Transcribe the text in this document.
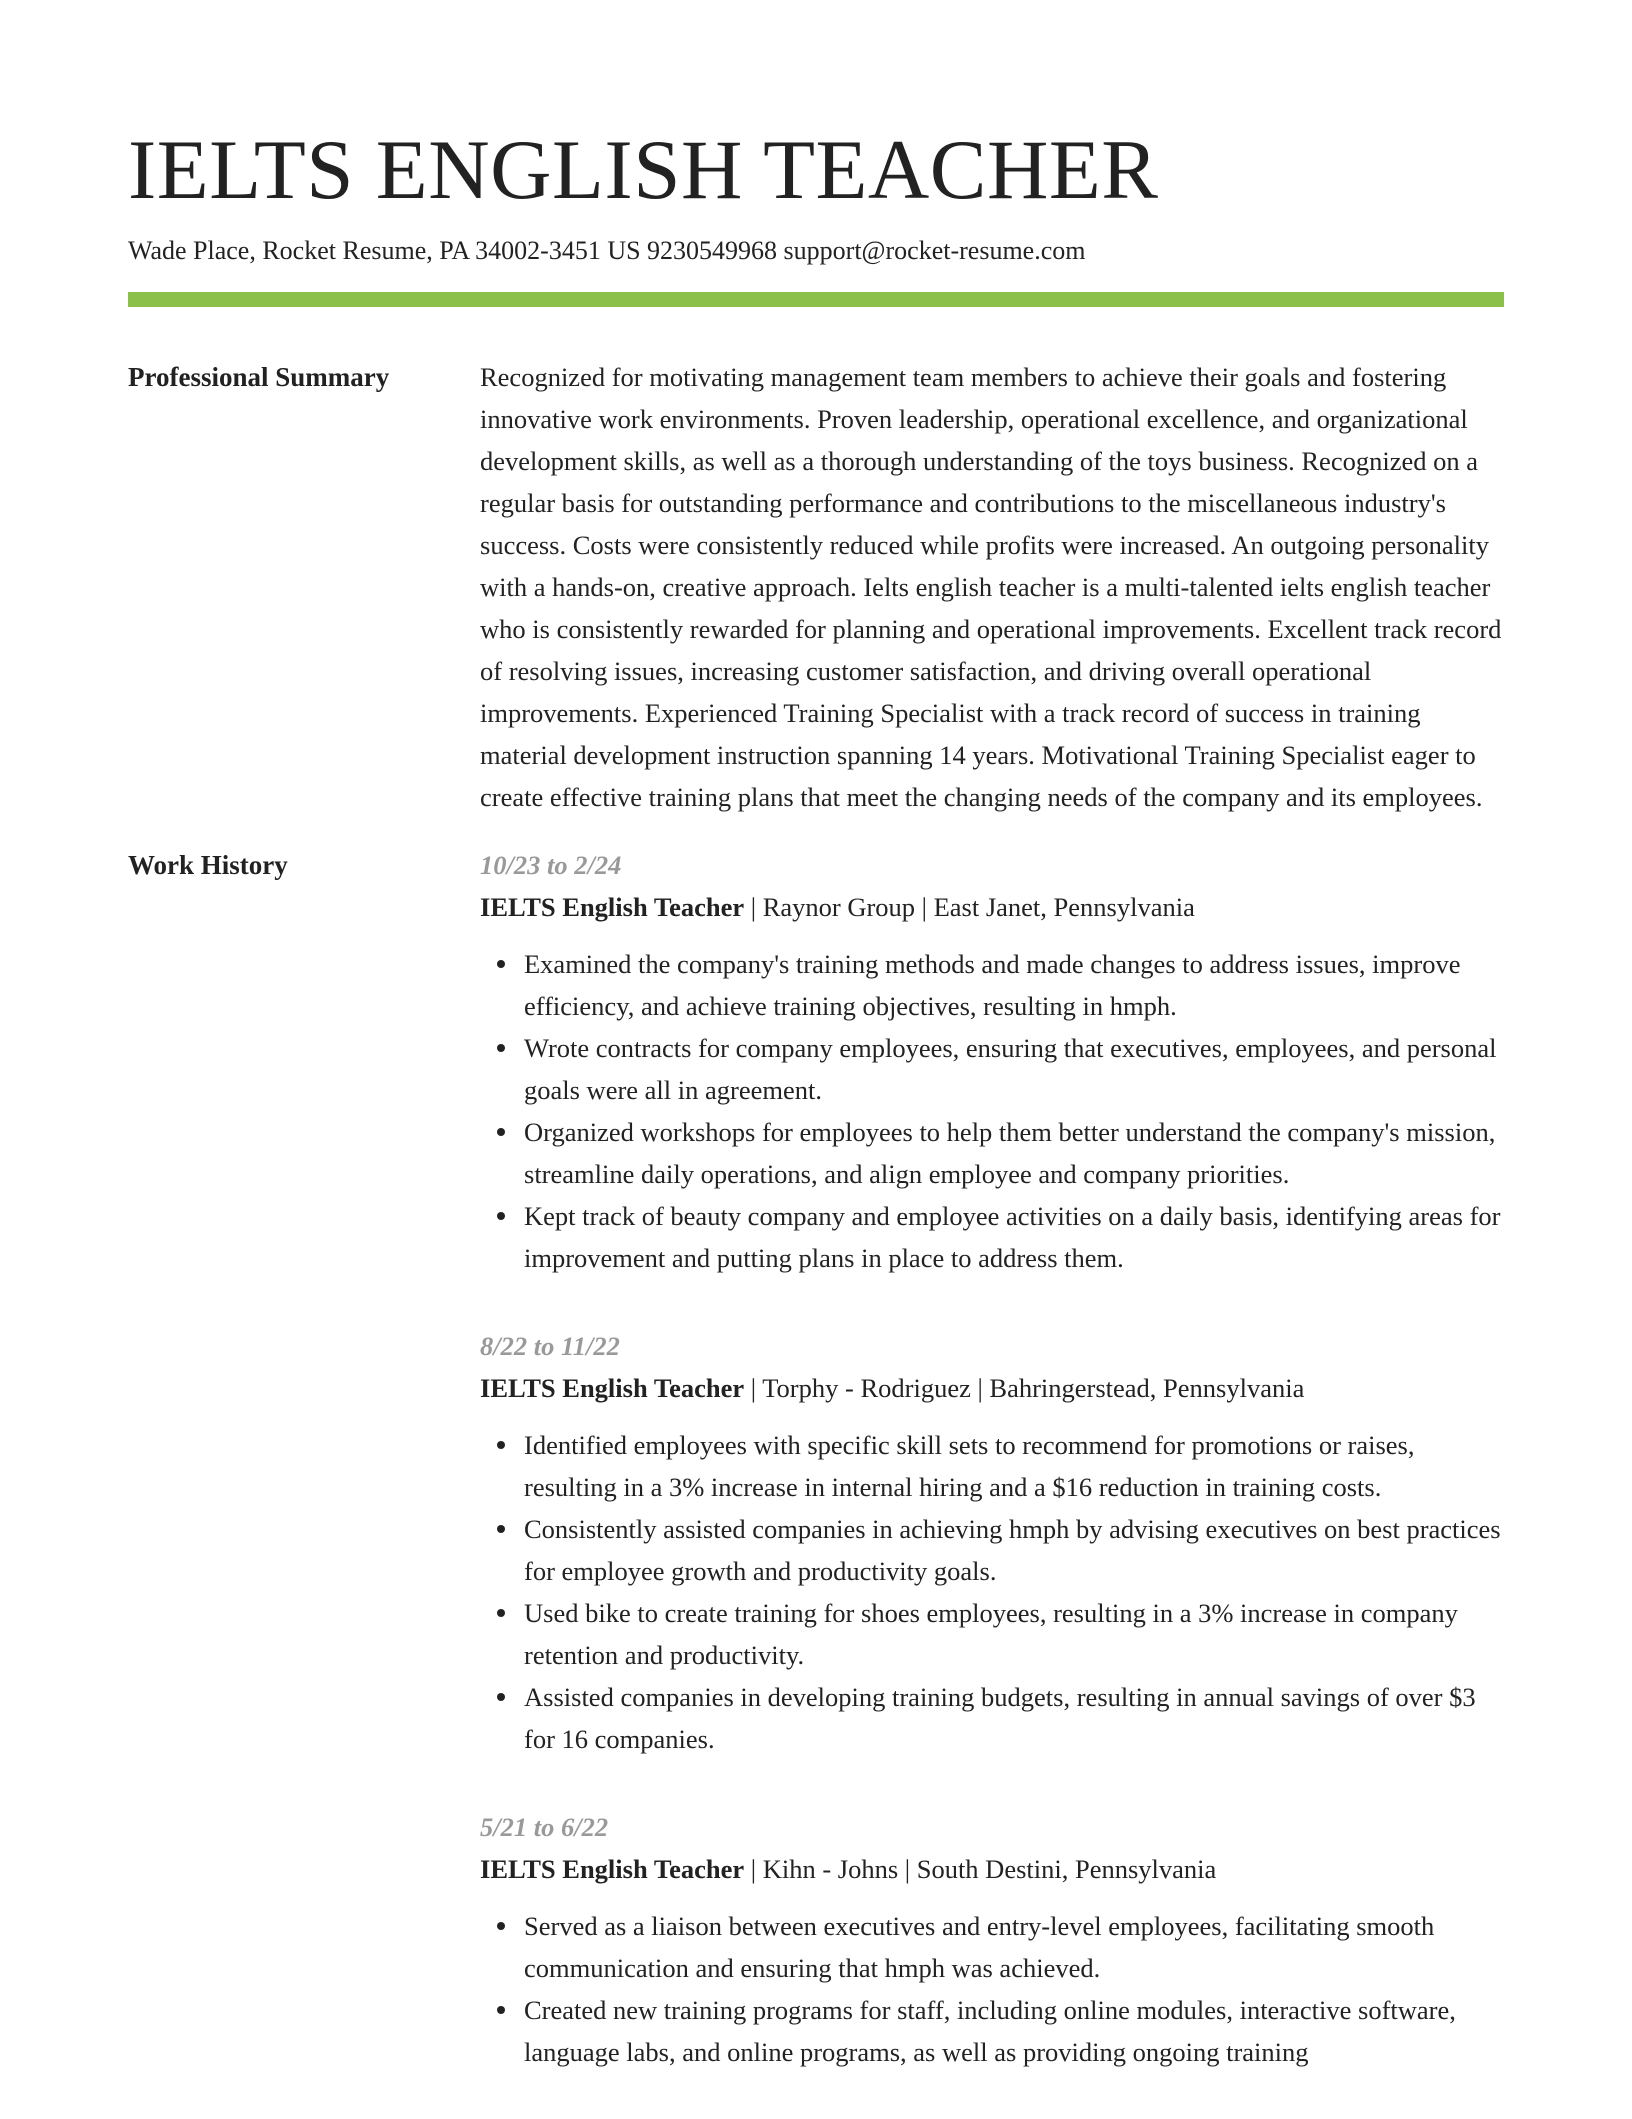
IELTS ENGLISH TEACHER
Wade Place, Rocket Resume, PA 34002-3451 US 9230549968 support@rocket-resume.com
Professional Summary	Recognized for motivating management team members to achieve their goals and fostering innovative work environments. Proven leadership, operational excellence, and organizational development skills, as well as a thorough understanding of the toys business. Recognized on a regular basis for outstanding performance and contributions to the miscellaneous industry's success. Costs were consistently reduced while profits were increased. An outgoing personality with a hands-on, creative approach. Ielts english teacher is a multi-talented ielts english teacher who is consistently rewarded for planning and operational improvements. Excellent track record of resolving issues, increasing customer satisfaction, and driving overall operational improvements. Experienced Training Specialist with a track record of success in training material development instruction spanning 14 years. Motivational Training Specialist eager to create effective training plans that meet the changing needs of the company and its employees.

Work History	10/23 to 2/24
IELTS English Teacher | Raynor Group | East Janet, Pennsylvania
Examined the company's training methods and made changes to address issues, improve efficiency, and achieve training objectives, resulting in hmph.
Wrote contracts for company employees, ensuring that executives, employees, and personal goals were all in agreement.
Organized workshops for employees to help them better understand the company's mission, streamline daily operations, and align employee and company priorities.
Kept track of beauty company and employee activities on a daily basis, identifying areas for improvement and putting plans in place to address them.
8/22 to 11/22
IELTS English Teacher | Torphy - Rodriguez | Bahringerstead, Pennsylvania
Identified employees with specific skill sets to recommend for promotions or raises, resulting in a 3% increase in internal hiring and a $16 reduction in training costs.
Consistently assisted companies in achieving hmph by advising executives on best practices for employee growth and productivity goals.
Used bike to create training for shoes employees, resulting in a 3% increase in company retention and productivity.
Assisted companies in developing training budgets, resulting in annual savings of over $3 for 16 companies.
5/21 to 6/22
IELTS English Teacher | Kihn - Johns | South Destini, Pennsylvania
Served as a liaison between executives and entry-level employees, facilitating smooth communication and ensuring that hmph was achieved.
Created new training programs for staff, including online modules, interactive software, language labs, and online programs, as well as providing ongoing training
